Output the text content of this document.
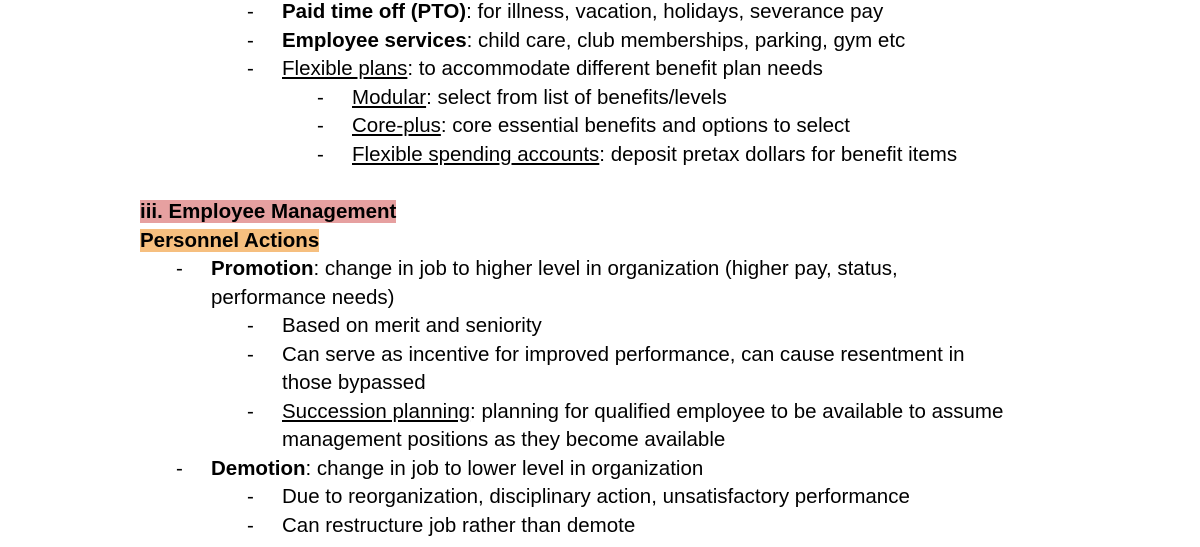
- Paid time off (PTO): for illness, vacation, holidays, severance pay
- Employee services: child care, club memberships, parking, gym etc
- Flexible plans: to accommodate different benefit plan needs
- Modular: select from list of benefits/levels
- Core-plus: core essential benefits and options to select
- Flexible spending accounts: deposit pretax dollars for benefit items
iii. Employee Management
Personnel Actions
- Promotion: change in job to higher level in organization (higher pay, status,
performance needs)
- Based on merit and seniority
- Can serve as incentive for improved performance, can cause resentment in
those bypassed
- Succession planning: planning for qualified employee to be available to assume
management positions as they become available
- Demotion: change in job to lower level in organization
- Due to reorganization, disciplinary action, unsatisfactory performance
- Can restructure job rather than demote
